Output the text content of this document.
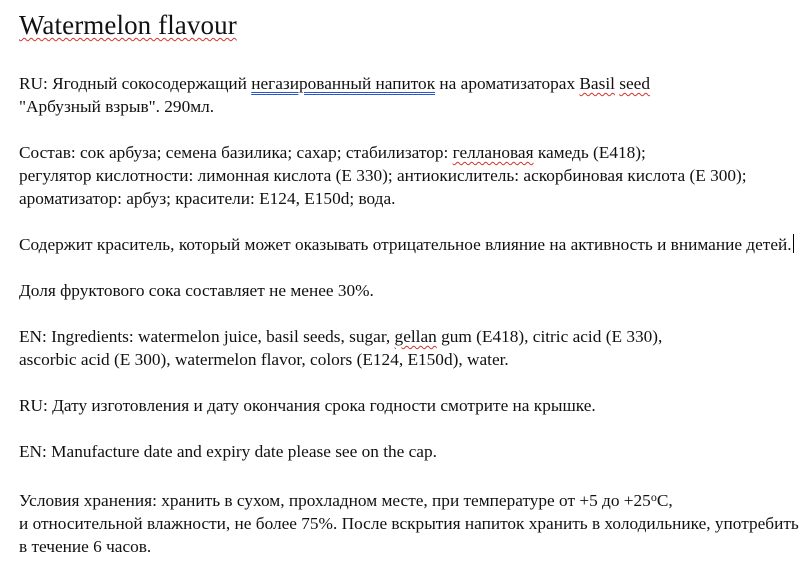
Watermelon flavour
RU: Ягодный сокосодержащий негазированный напиток на ароматизаторах Basil seed
"Арбузный взрыв". 290мл.
Состав: сок арбуза; семена базилика; сахар; стабилизатор: геллановая камедь (Е418);
регулятор кислотности: лимонная кислота (Е 330); антиокислитель: аскорбиновая кислота (Е 300); ароматизатор: арбуз; красители: Е124, Е150d; вода.
Содержит краситель, который может оказывать отрицательное влияние на активность и внимание детей.
Доля фруктового сока составляет не менее 30%.
EN: Ingredients: watermelon juice, basil seeds, sugar, gellan gum (E418), citric acid (E 330),
ascorbic acid (E 300), watermelon flavor, colors (E124, E150d), water.
RU: Дату изготовления и дату окончания срока годности смотрите на крышке.
EN: Manufacture date and expiry date please see on the cap.
Условия хранения: хранить в сухом, прохладном месте, при температуре от +5 до $+25^оС$,
и относительной влажности, не более 75%. После вскрытия напиток хранить в холодильнике, употребить в течение 6 часов.
